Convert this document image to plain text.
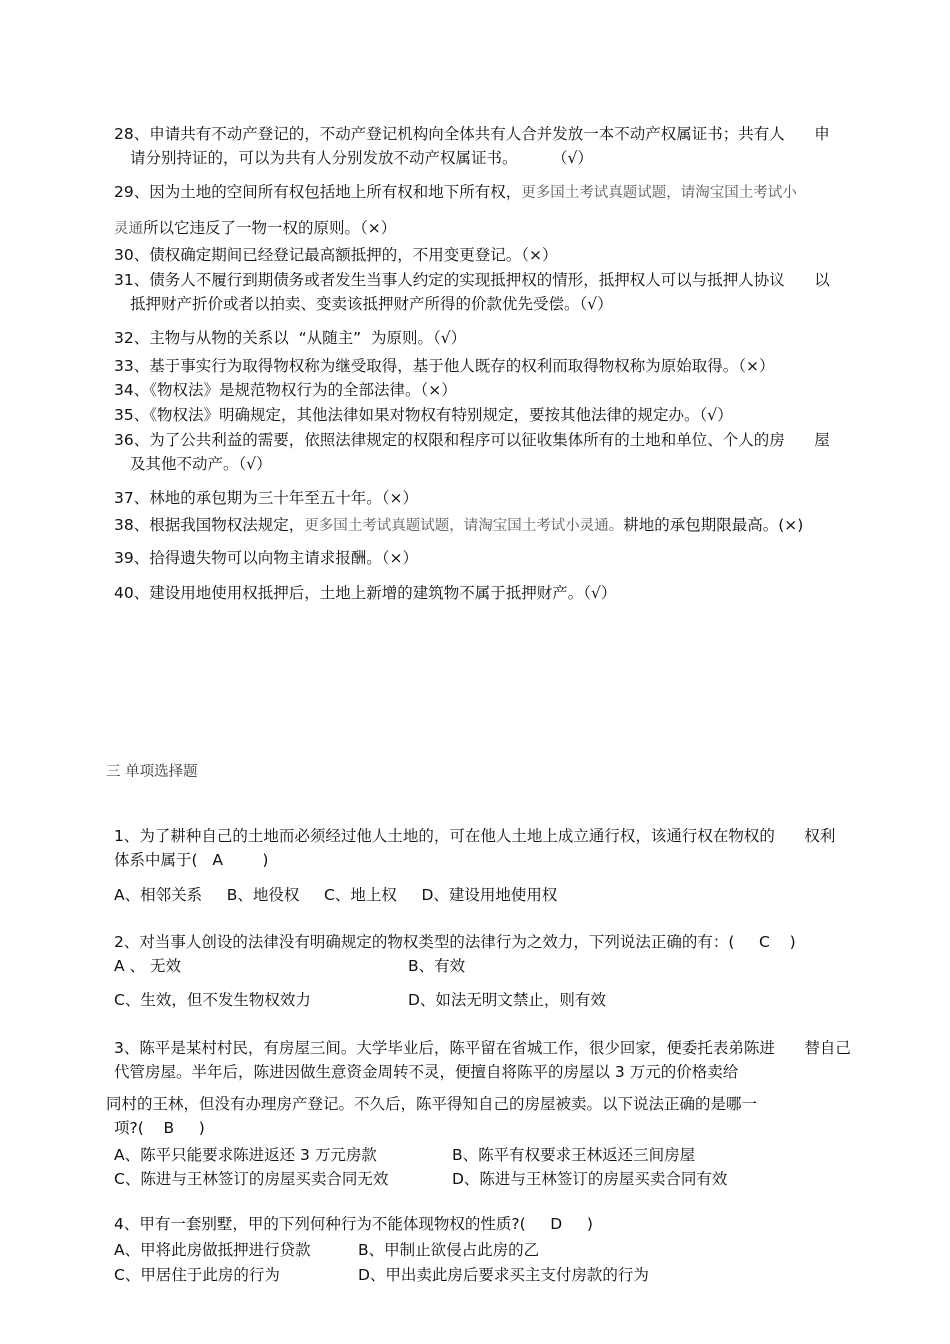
28、申请共有不动产登记的，不动产登记机构向全体共有人合并发放一本不动产权属证书；共有人      申
请分别持证的，可以为共有人分别发放不动产权属证书。       （√）
29、因为土地的空间所有权包括地上所有权和地下所有权，更多国土考试真题试题，请淘宝国土考试小
灵通所以它违反了一物一权的原则。（×）
30、债权确定期间已经登记最高额抵押的，不用变更登记。（×）
31、债务人不履行到期债务或者发生当事人约定的实现抵押权的情形，抵押权人可以与抵押人协议      以
抵押财产折价或者以拍卖、变卖该抵押财产所得的价款优先受偿。（√）
32、主物与从物的关系以  “从随主”  为原则。（√）
33、基于事实行为取得物权称为继受取得，基于他人既存的权利而取得物权称为原始取得。（×）
34、《物权法》是规范物权行为的全部法律。（×）
35、《物权法》明确规定，其他法律如果对物权有特别规定，要按其他法律的规定办。（√）
36、为了公共利益的需要，依照法律规定的权限和程序可以征收集体所有的土地和单位、个人的房      屋
及其他不动产。（√）
37、林地的承包期为三十年至五十年。（×）
38、根据我国物权法规定，更多国土考试真题试题，请淘宝国土考试小灵通。耕地的承包期限最高。(×)
39、拾得遗失物可以向物主请求报酬。（×）
40、建设用地使用权抵押后，土地上新增的建筑物不属于抵押财产。（√）
三 单项选择题
1、为了耕种自己的土地而必须经过他人土地的，可在他人土地上成立通行权，该通行权在物权的      权利
体系中属于(   A        )
A、相邻关系     B、地役权     C、地上权     D、建设用地使用权
2、对当事人创设的法律没有明确规定的物权类型的法律行为之效力，下列说法正确的有：(     C    )
A 、 无效	B、有效
C、生效，但不发生物权效力	D、如法无明文禁止，则有效
3、陈平是某村村民，有房屋三间。大学毕业后，陈平留在省城工作，很少回家，便委托表弟陈进      替自己
代管房屋。半年后，陈进因做生意资金周转不灵，便擅自将陈平的房屋以 3 万元的价格卖给
同村的王林，但没有办理房产登记。不久后，陈平得知自己的房屋被卖。以下说法正确的是哪一
项?(    B     )
A、陈平只能要求陈进返还 3 万元房款	B、陈平有权要求王林返还三间房屋
C、陈进与王林签订的房屋买卖合同无效	D、陈进与王林签订的房屋买卖合同有效
4、甲有一套别墅，甲的下列何种行为不能体现物权的性质?(     D     )
A、甲将此房做抵押进行贷款	B、甲制止欲侵占此房的乙
C、甲居住于此房的行为	D、甲出卖此房后要求买主支付房款的行为
